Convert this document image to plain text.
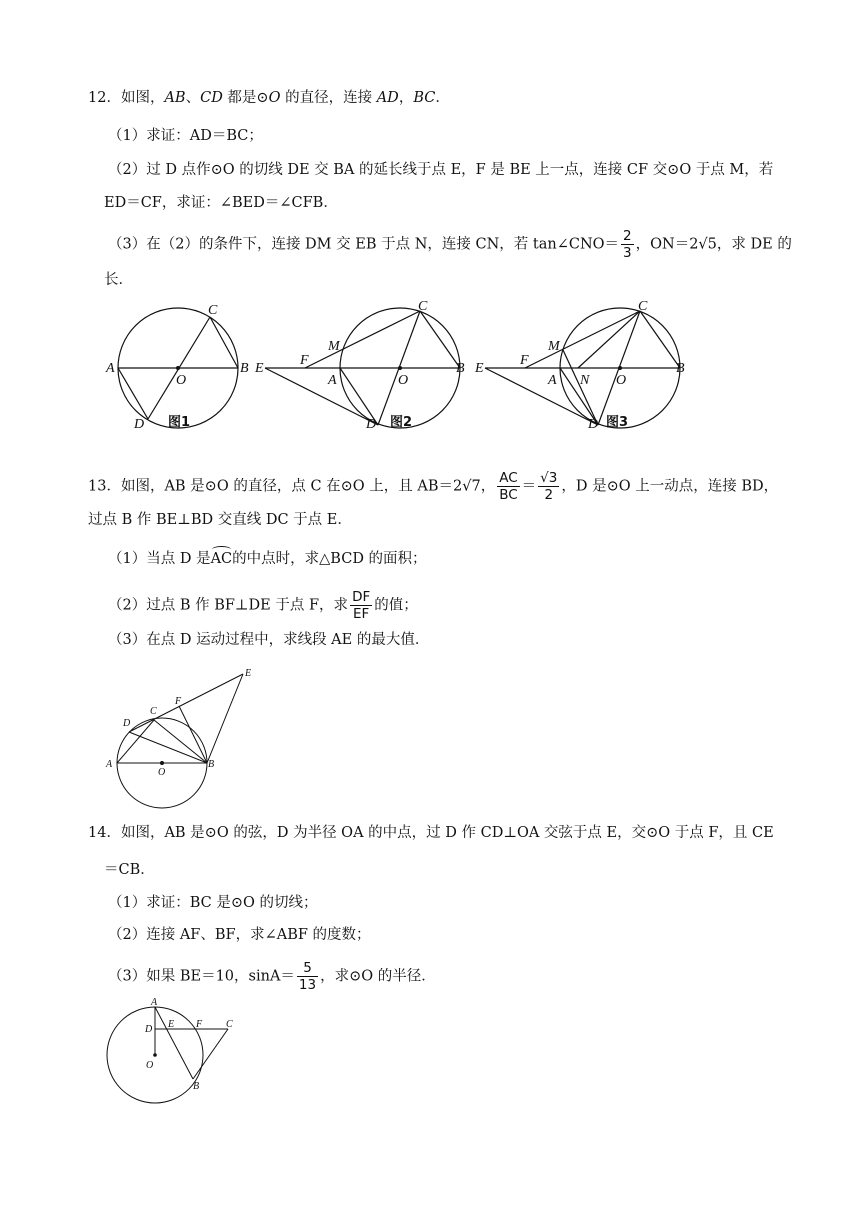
12．如图，AB、CD 都是⊙O 的直径，连接 AD，BC．
（1）求证：AD＝BC；
（2）过 D 点作⊙O 的切线 DE 交 BA 的延长线于点 E，F 是 BE 上一点，连接 CF 交⊙O 于点 M，若
ED＝CF，求证：∠BED＝∠CFB．
（3）在（2）的条件下，连接 DM 交 EB 于点 N，连接 CN，若 tan∠CNO＝ $\frac{2}{3}$ ，ON＝2√5，求 DE 的
长．
A	B
C
D
O
E
F
M
A	O
B
C
D
E
F
M
A N O
B
C
D
图1	图2	图3
13．如图，AB 是⊙O 的直径，点 C 在⊙O 上，且 AB＝2√7， $\frac{AC}{BC} = \frac{√3}{2}$ ，D 是⊙O 上一动点，连接 BD，
过点 B 作 BE⊥BD 交直线 DC 于点 E．
（1）当点 D 是AC的中点时，求△BCD 的面积；
（2）过点 B 作 BF⊥DE 于点 F，求 $\frac{DF}{EF}$ 的值；
（3）在点 D 运动过程中，求线段 AE 的最大值．
A	B
C
D
E
F
O
14．如图，AB 是⊙O 的弦，D 为半径 OA 的中点，过 D 作 CD⊥OA 交弦于点 E，交⊙O 于点 F，且 CE
＝CB．
（1）求证：BC 是⊙O 的切线；
（2）连接 AF、BF，求∠ABF 的度数；
（3）如果 BE＝10，$\sin A= \frac{5}{13}$ ，求⊙O 的半径．
A
D E F C
B
O
